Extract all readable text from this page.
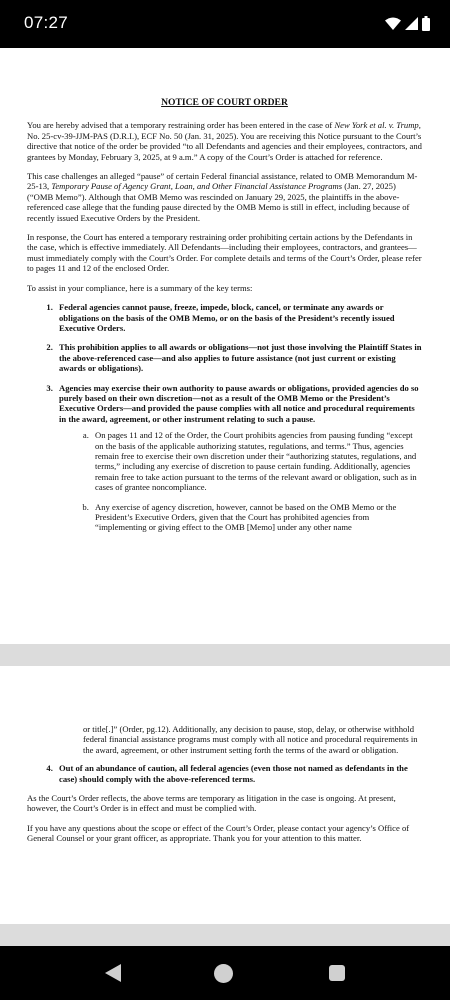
07:27
NOTICE OF COURT ORDER

You are hereby advised that a temporary restraining order has been entered in the case of New York et al. v. Trump, No. 25-cv-39-JJM-PAS (D.R.I.), ECF No. 50 (Jan. 31, 2025). You are receiving this Notice pursuant to the Court’s directive that notice of the order be provided “to all Defendants and agencies and their employees, contractors, and grantees by Monday, February 3, 2025, at 9 a.m.” A copy of the Court’s Order is attached for reference.

This case challenges an alleged “pause” of certain Federal financial assistance, related to OMB Memorandum M-25-13, Temporary Pause of Agency Grant, Loan, and Other Financial Assistance Programs (Jan. 27, 2025) (“OMB Memo”). Although that OMB Memo was rescinded on January 29, 2025, the plaintiffs in the above-referenced case allege that the funding pause directed by the OMB Memo is still in effect, including because of recently issued Executive Orders by the President.

In response, the Court has entered a temporary restraining order prohibiting certain actions by the Defendants in the case, which is effective immediately. All Defendants—including their employees, contractors, and grantees—must immediately comply with the Court’s Order. For complete details and terms of the Court’s Order, please refer to pages 11 and 12 of the enclosed Order.

To assist in your compliance, here is a summary of the key terms:

1. Federal agencies cannot pause, freeze, impede, block, cancel, or terminate any awards or obligations on the basis of the OMB Memo, or on the basis of the President’s recently issued Executive Orders.
2. This prohibition applies to all awards or obligations—not just those involving the Plaintiff States in the above-referenced case—and also applies to future assistance (not just current or existing awards or obligations).
3. Agencies may exercise their own authority to pause awards or obligations, provided agencies do so purely based on their own discretion—not as a result of the OMB Memo or the President’s Executive Orders—and provided the pause complies with all notice and procedural requirements in the award, agreement, or other instrument relating to such a pause.
a. On pages 11 and 12 of the Order, the Court prohibits agencies from pausing funding “except on the basis of the applicable authorizing statutes, regulations, and terms.” Thus, agencies remain free to exercise their own discretion under their “authorizing statutes, regulations, and terms,” including any exercise of discretion to pause certain funding. Additionally, agencies remain free to take action pursuant to the terms of the relevant award or obligation, such as in cases of grantee noncompliance.
b. Any exercise of agency discretion, however, cannot be based on the OMB Memo or the President’s Executive Orders, given that the Court has prohibited agencies from “implementing or giving effect to the OMB [Memo] under any other name
or title[.]” (Order, pg.12). Additionally, any decision to pause, stop, delay, or otherwise withhold federal financial assistance programs must comply with all notice and procedural requirements in the award, agreement, or other instrument setting forth the terms of the award or obligation.
4. Out of an abundance of caution, all federal agencies (even those not named as defendants in the case) should comply with the above-referenced terms.

As the Court’s Order reflects, the above terms are temporary as litigation in the case is ongoing. At present, however, the Court’s Order is in effect and must be complied with.

If you have any questions about the scope or effect of the Court’s Order, please contact your agency’s Office of General Counsel or your grant officer, as appropriate. Thank you for your attention to this matter.
